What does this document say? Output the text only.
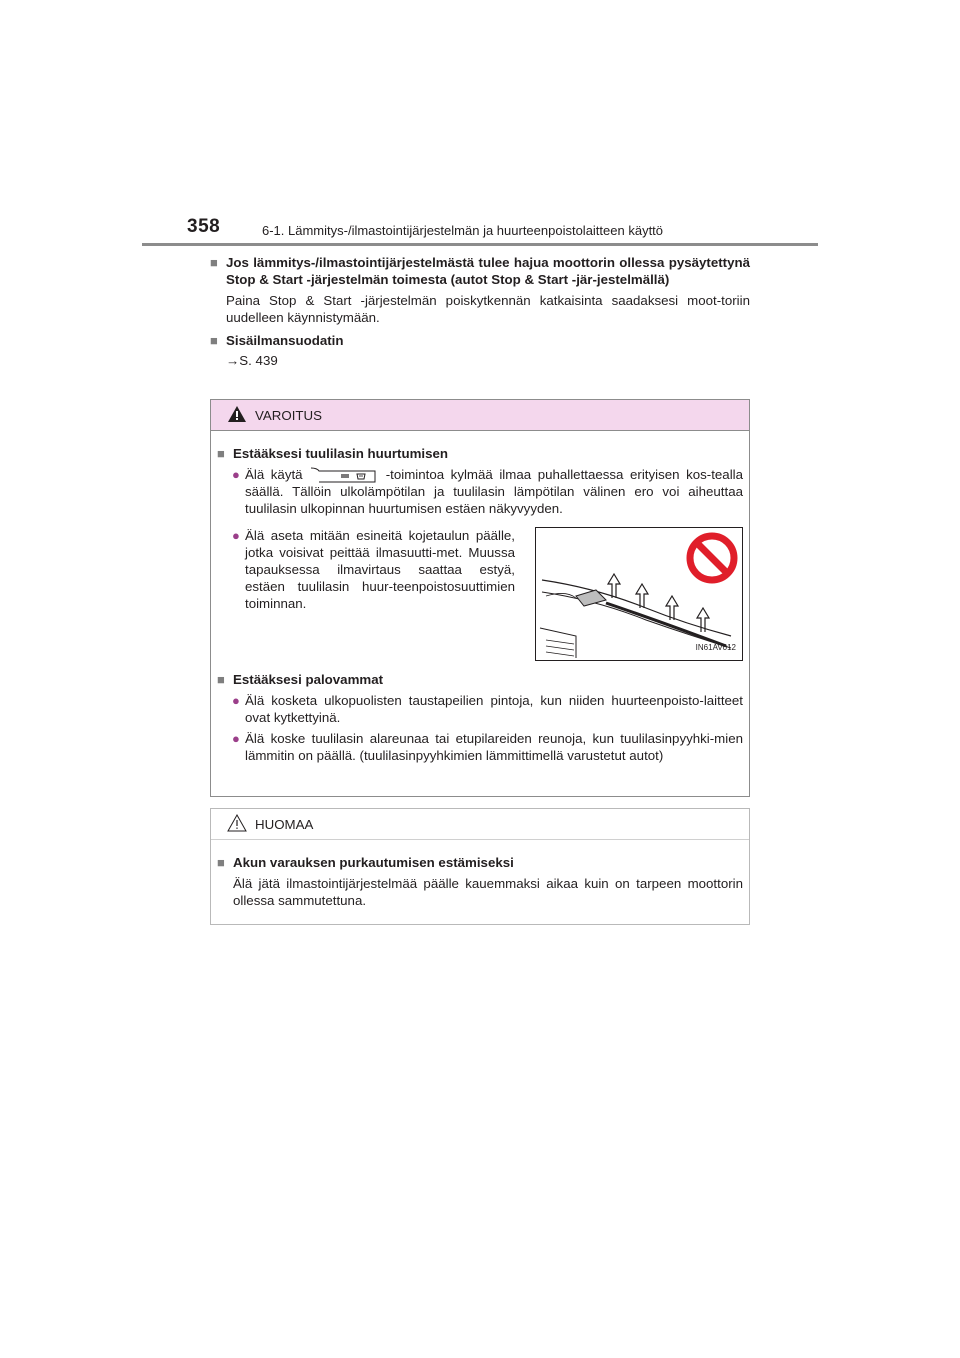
358	6-1. Lämmitys-/ilmastointijärjestelmän ja huurteenpoistolaitteen käyttö
■ Jos lämmitys-/ilmastointijärjestelmästä tulee hajua moottorin ollessa pysäytettynä Stop & Start -järjestelmän toimesta (autot Stop & Start -jär-jestelmällä)
Paina Stop & Start -järjestelmän poiskytkennän katkaisinta saadaksesi moot-toriin uudelleen käynnistymään.
■ Sisäilmansuodatin
→S. 439
VAROITUS
■ Estääksesi tuulilasin huurtumisen
● Älä käytä	-toimintoa kylmää ilmaa puhallettaessa erityisen kos-tealla säällä. Tällöin ulkolämpötilan ja tuulilasin lämpötilan välinen ero voi aiheuttaa tuulilasin ulkopinnan huurtumisen estäen näkyvyyden.
● Älä aseta mitään esineitä kojetaulun päälle, jotka voisivat peittää ilmasuutti-met. Muussa tapauksessa ilmavirtaus saattaa estyä, estäen tuulilasin huur-teenpoistosuuttimien toiminnan.
IN61AV012
■ Estääksesi palovammat
● Älä kosketa ulkopuolisten taustapeilien pintoja, kun niiden huurteenpoisto-laitteet ovat kytkettyinä.
● Älä koske tuulilasin alareunaa tai etupilareiden reunoja, kun tuulilasinpyyhki-mien lämmitin on päällä. (tuulilasinpyyhkimien lämmittimellä varustetut autot)
HUOMAA
■ Akun varauksen purkautumisen estämiseksi
Älä jätä ilmastointijärjestelmää päälle kauemmaksi aikaa kuin on tarpeen moottorin ollessa sammutettuna.
